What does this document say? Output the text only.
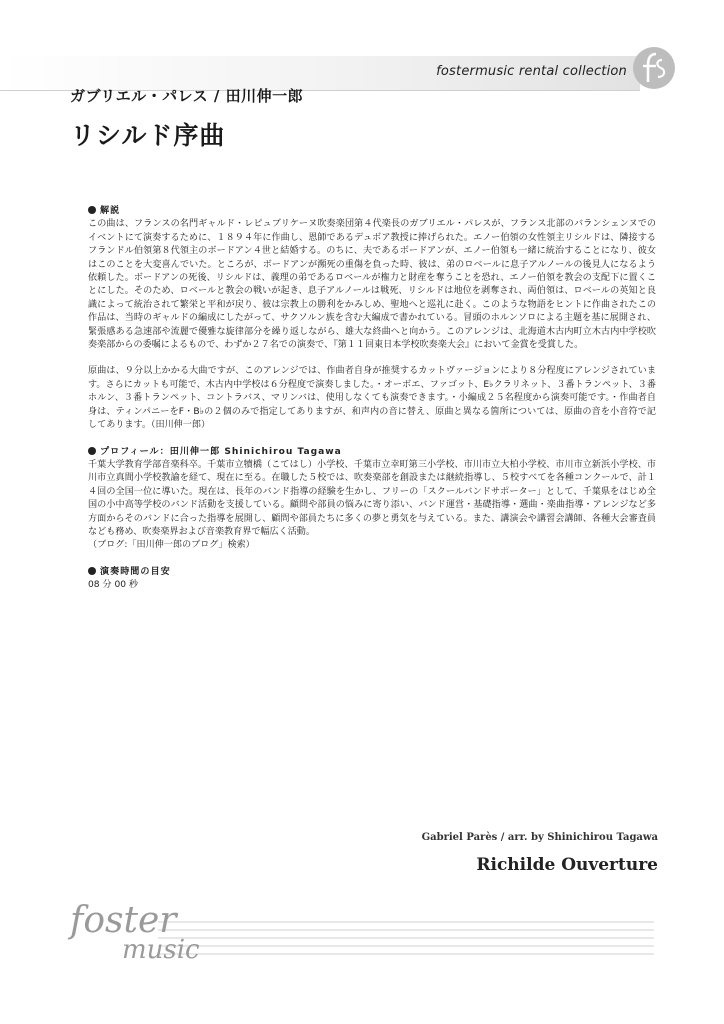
fostermusic rental collection
ガブリエル・パレス / 田川伸一郎
リシルド序曲
解説

この曲は、フランスの名門ギャルド・レピュブリケーヌ吹奏楽団第４代楽長のガブリエル・パレスが、フランス北部のバランシェンヌでのイベントにて演奏するために、１８９４年に作曲し、恩師であるデュボア教授に捧げられた。エノー伯領の女性領主リシルドは、隣接するフランドル伯領第８代領主のボードアン４世と結婚する。のちに、夫であるボードアンが、エノー伯領も一緒に統治することになり、彼女はこのことを大変喜んでいた。ところが、ボードアンが瀕死の重傷を負った時、彼は、弟のロベールに息子アルノールの後見人になるよう依頼した。ボードアンの死後、リシルドは、義理の弟であるロベールが権力と財産を奪うことを恐れ、エノー伯領を教会の支配下に置くことにした。そのため、ロベールと教会の戦いが起き、息子アルノールは戦死、リシルドは地位を剥奪され、両伯領は、ロベールの英知と良識によって統治されて繁栄と平和が戻り、彼は宗教上の勝利をかみしめ、聖地へと巡礼に赴く。このような物語をヒントに作曲されたこの作品は、当時のギャルドの編成にしたがって、サクソルン族を含む大編成で書かれている。冒頭のホルンソロによる主題を基に展開され、緊張感ある急速部や流麗で優雅な旋律部分を繰り返しながら、雄大な終曲へと向かう。このアレンジは、北海道木古内町立木古内中学校吹奏楽部からの委嘱によるもので、わずか２７名での演奏で、『第１１回東日本学校吹奏楽大会』において金賞を受賞した。

原曲は、９分以上かかる大曲ですが、このアレンジでは、作曲者自身が推奨するカットヴァージョンにより８分程度にアレンジされています。さらにカットも可能で、木古内中学校は６分程度で演奏しました。・オーボエ、ファゴット、E♭クラリネット、３番トランペット、３番ホルン、３番トランペット、コントラバス、マリンバは、使用しなくても演奏できます。・小編成２５名程度から演奏可能です。・作曲者自身は、ティンパニーをF・B♭の２個のみで指定してありますが、和声内の音に替え、原曲と異なる箇所については、原曲の音を小音符で記してあります。（田川伸一郎）

プロフィール：田川伸一郎 Shinichirou Tagawa

千葉大学教育学部音楽科卒。千葉市立犢橋（こてはし）小学校、千葉市立幸町第三小学校、市川市立大柏小学校、市川市立新浜小学校、市川市立真間小学校教諭を経て、現在に至る。在職した５校では、吹奏楽部を創設または継続指導し、５校すべてを各種コンクールで、計１４回の全国一位に導いた。現在は、長年のバンド指導の経験を生かし、フリーの「スクールバンドサポーター」として、千葉県をはじめ全国の小中高等学校のバンド活動を支援している。顧問や部員の悩みに寄り添い、バンド運営・基礎指導・選曲・楽曲指導・アレンジなど多方面からそのバンドに合った指導を展開し、顧問や部員たちに多くの夢と勇気を与えている。また、講演会や講習会講師、各種大会審査員なども務め、吹奏楽界および音楽教育界で幅広く活動。

（ブログ:「田川伸一郎のブログ」検索）

演奏時間の目安

08 分 00 秒

Gabriel Parès / arr. by Shinichirou Tagawa
Richilde Ouverture
foster
music
